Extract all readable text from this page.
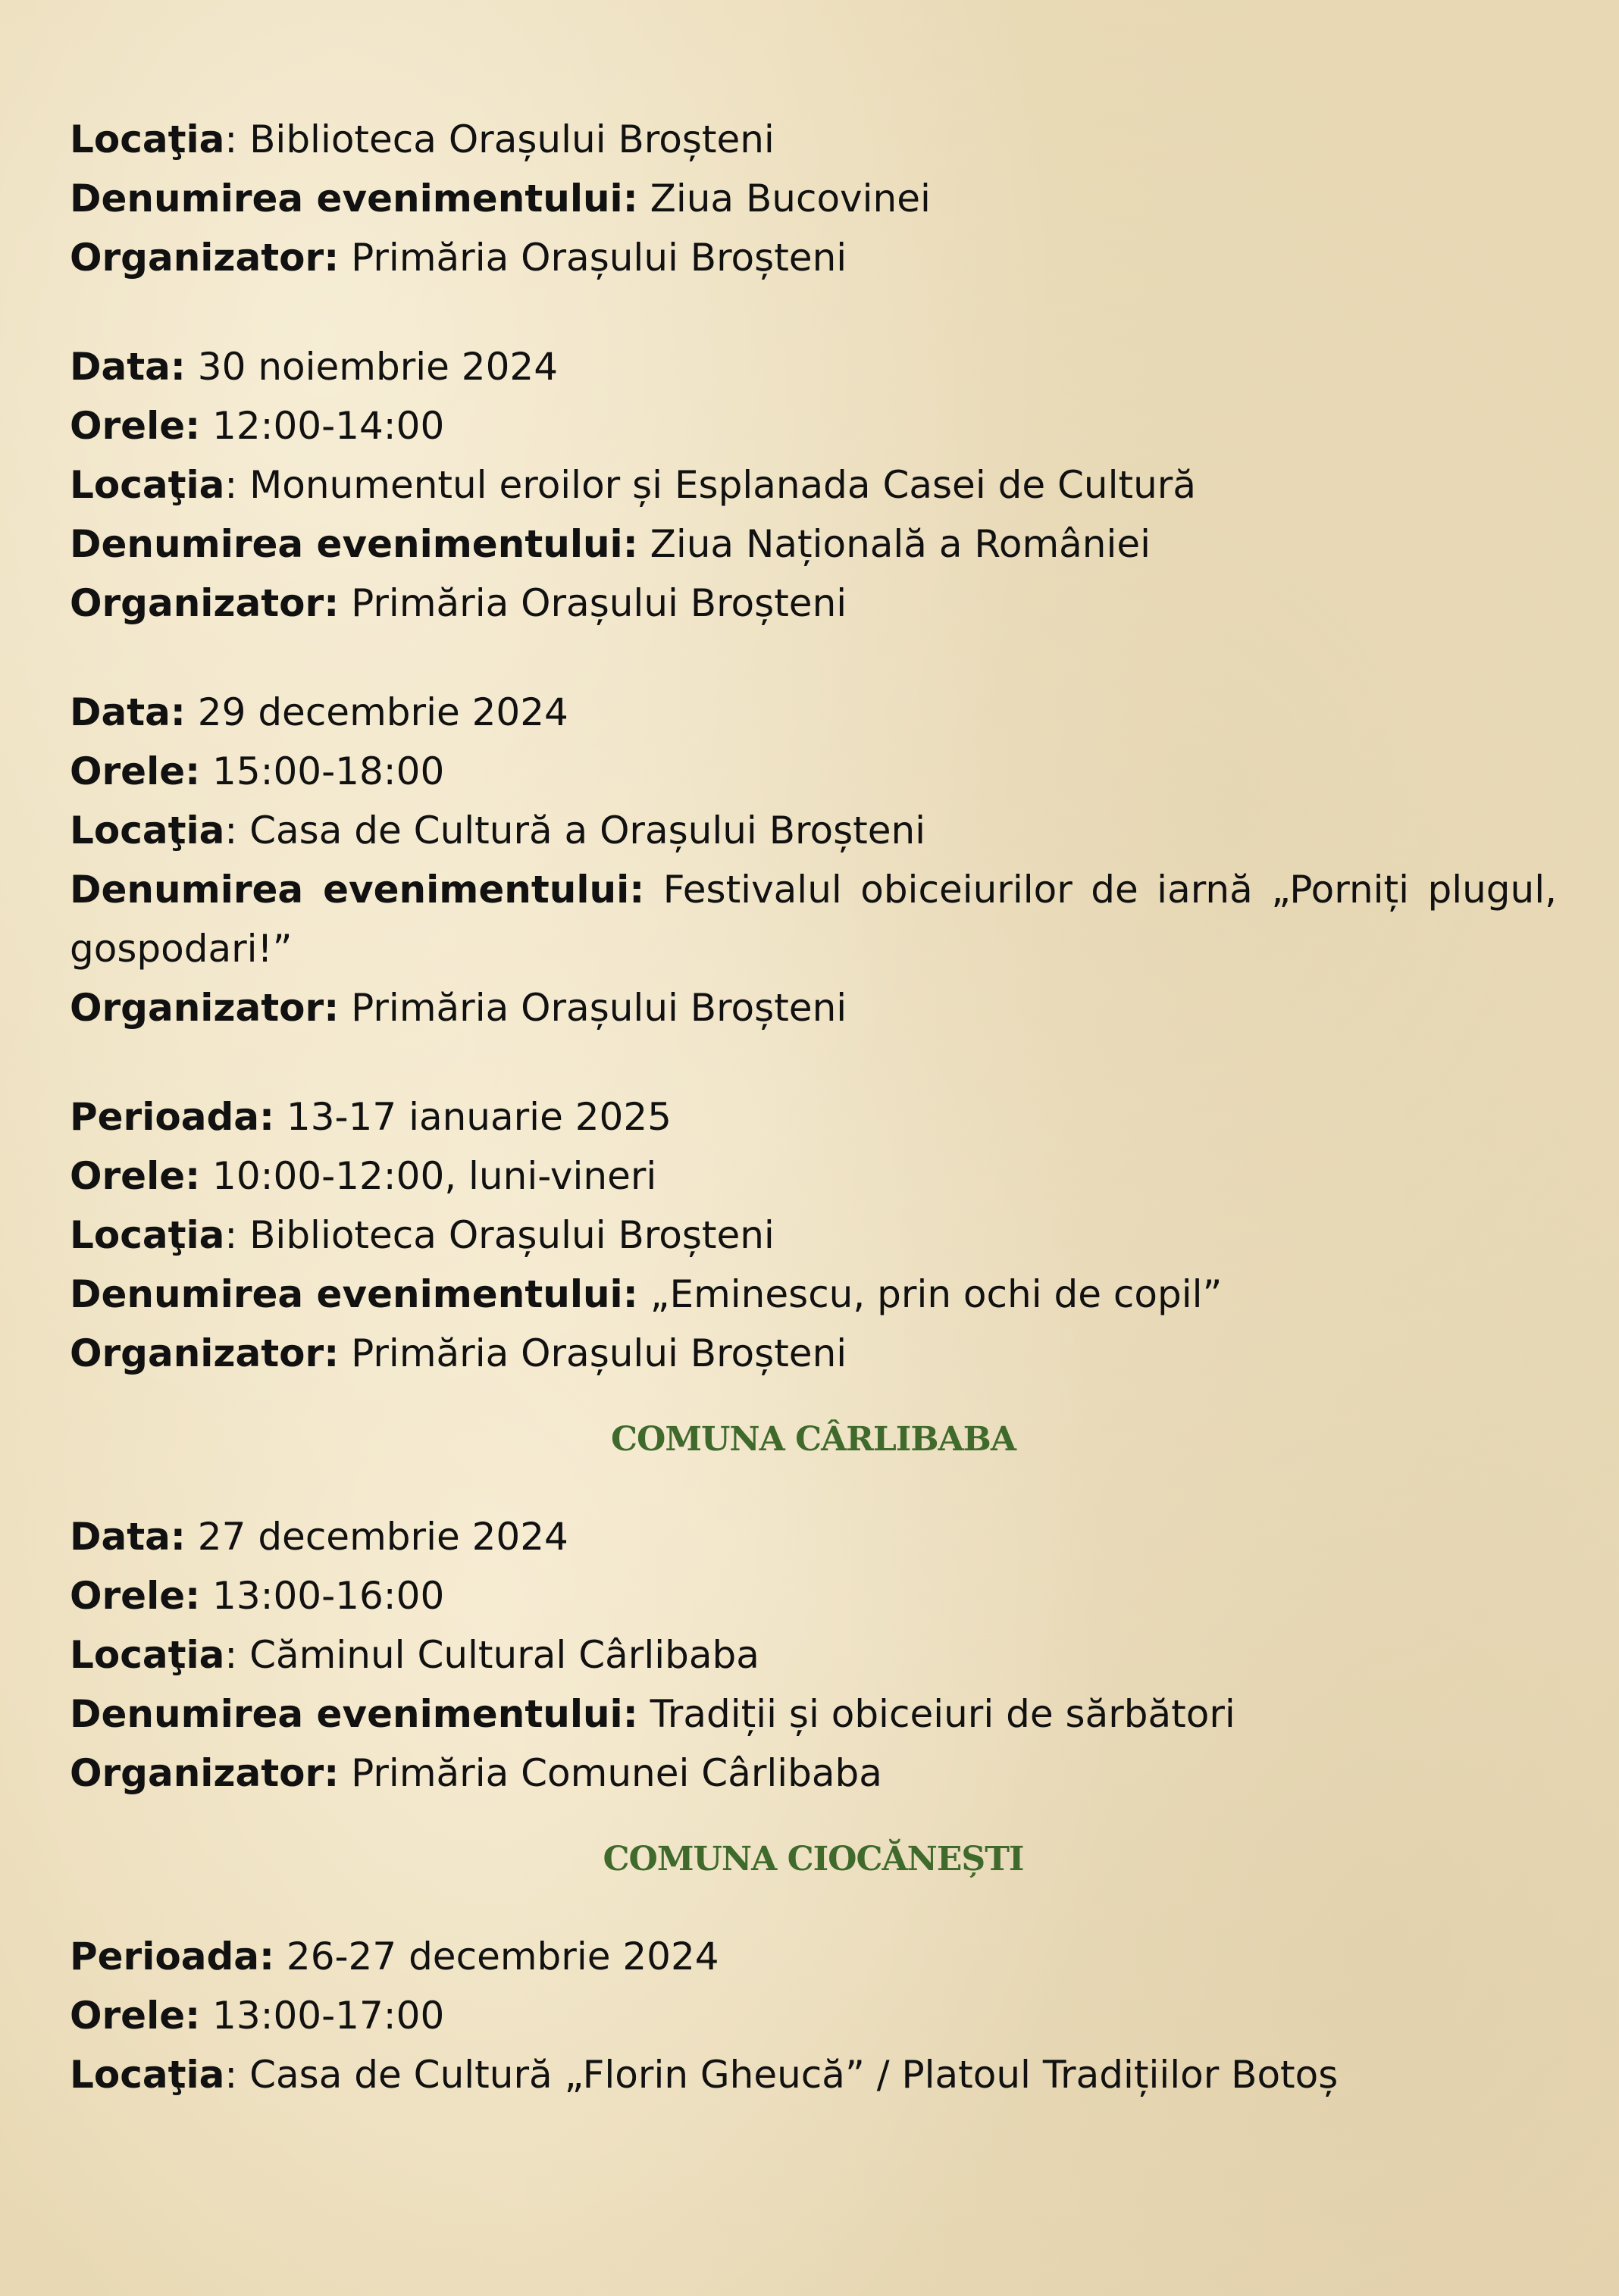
Locaţia: Biblioteca Orașului Broșteni
Denumirea evenimentului: Ziua Bucovinei
Organizator: Primăria Orașului Broșteni
Data: 30 noiembrie 2024
Orele: 12:00-14:00
Locaţia: Monumentul eroilor și Esplanada Casei de Cultură
Denumirea evenimentului: Ziua Națională a României
Organizator: Primăria Orașului Broșteni
Data: 29 decembrie 2024
Orele: 15:00-18:00
Locaţia: Casa de Cultură a Orașului Broșteni
Denumirea evenimentului: Festivalul obiceiurilor de iarnă „Porniți plugul, gospodari!”
Organizator: Primăria Orașului Broșteni
Perioada: 13-17 ianuarie 2025
Orele: 10:00-12:00, luni-vineri
Locaţia: Biblioteca Orașului Broșteni
Denumirea evenimentului: „Eminescu, prin ochi de copil”
Organizator: Primăria Orașului Broșteni
COMUNA CÂRLIBABA
Data: 27 decembrie 2024
Orele: 13:00-16:00
Locaţia: Căminul Cultural Cârlibaba
Denumirea evenimentului: Tradiții și obiceiuri de sărbători
Organizator: Primăria Comunei Cârlibaba
COMUNA CIOCĂNEȘTI
Perioada: 26-27 decembrie 2024
Orele: 13:00-17:00
Locaţia: Casa de Cultură „Florin Gheucă” / Platoul Tradițiilor Botoș
